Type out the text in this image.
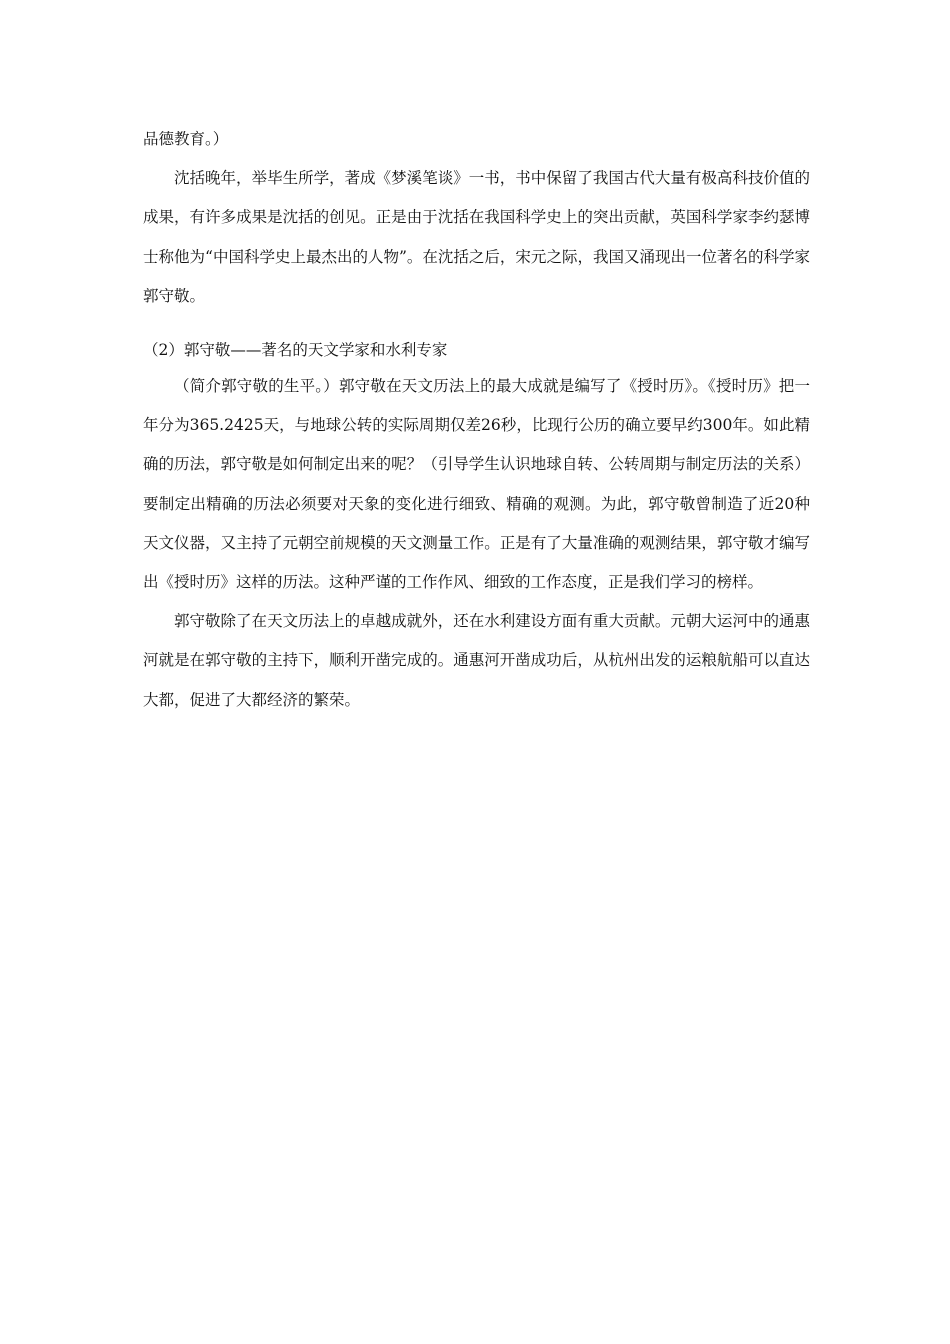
品德教育。）

沈括晚年，举毕生所学，著成《梦溪笔谈》一书，书中保留了我国古代大量有极高科技价值的成果，有许多成果是沈括的创见。正是由于沈括在我国科学史上的突出贡献，英国科学家李约瑟博士称他为“中国科学史上最杰出的人物”。在沈括之后，宋元之际，我国又涌现出一位著名的科学家郭守敬。

（2）郭守敬——著名的天文学家和水利专家

（简介郭守敬的生平。）郭守敬在天文历法上的最大成就是编写了《授时历》。《授时历》把一年分为365.2425天，与地球公转的实际周期仅差26秒，比现行公历的确立要早约300年。如此精确的历法，郭守敬是如何制定出来的呢？（引导学生认识地球自转、公转周期与制定历法的关系）要制定出精确的历法必须要对天象的变化进行细致、精确的观测。为此，郭守敬曾制造了近20种天文仪器，又主持了元朝空前规模的天文测量工作。正是有了大量准确的观测结果，郭守敬才编写出《授时历》这样的历法。这种严谨的工作作风、细致的工作态度，正是我们学习的榜样。

郭守敬除了在天文历法上的卓越成就外，还在水利建设方面有重大贡献。元朝大运河中的通惠河就是在郭守敬的主持下，顺利开凿完成的。通惠河开凿成功后，从杭州出发的运粮航船可以直达大都，促进了大都经济的繁荣。
